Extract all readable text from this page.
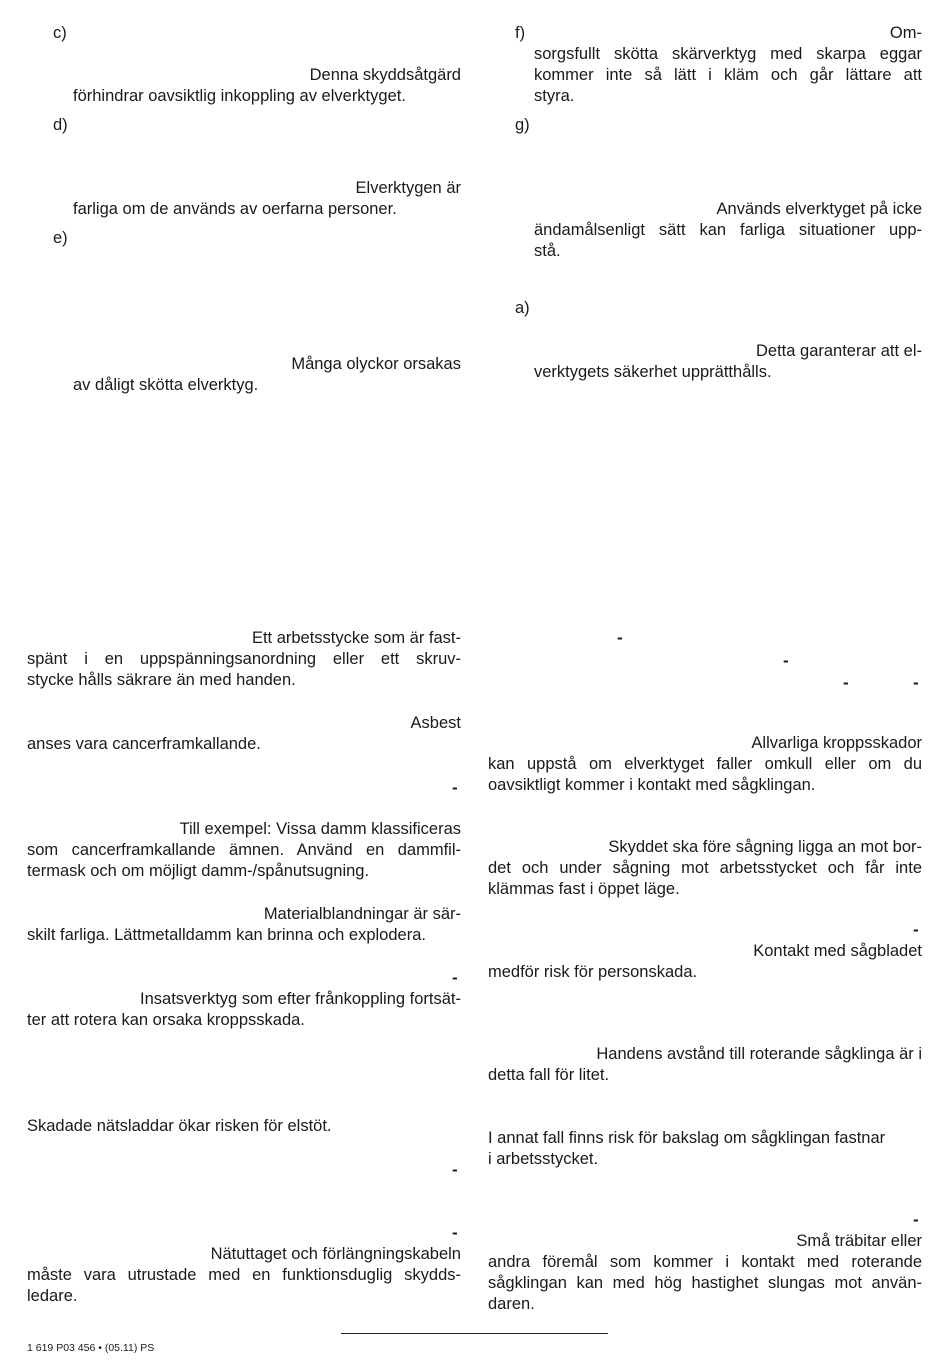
c)
Denna skyddsåtgärd
förhindrar oavsiktlig inkoppling av elverktyget.
d)
Elverktygen är
farliga om de används av oerfarna personer.
e)
Många olyckor orsakas
av dåligt skötta elverktyg.
f)	Om-
sorgsfullt skötta skärverktyg med skarpa eggar
kommer inte så lätt i kläm och går lättare att
styra.
g)
Används elverktyget på icke
ändamålsenligt sätt kan farliga situationer upp-
stå.
a)
Detta garanterar att el-
verktygets säkerhet upprätthålls.
Ett arbetsstycke som är fast-
spänt i en uppspänningsanordning eller ett skruv-
stycke hålls säkrare än med handen.
Asbest
anses vara cancerframkallande.
-
Till exempel: Vissa damm klassificeras
som cancerframkallande ämnen. Använd en dammfil-
termask och om möjligt damm-/spånutsugning.
Materialblandningar är sär-
skilt farliga. Lättmetalldamm kan brinna och explodera.
-
Insatsverktyg som efter frånkoppling fortsät-
ter att rotera kan orsaka kroppsskada.
Skadade nätsladdar ökar risken för elstöt.
-
-
Nätuttaget och förlängningskabeln
måste vara utrustade med en funktionsduglig skydds-
ledare.
-
-
-	-
Allvarliga kroppsskador
kan uppstå om elverktyget faller omkull eller om du
oavsiktligt kommer i kontakt med sågklingan.
Skyddet ska före sågning ligga an mot bor-
det och under sågning mot arbetsstycket och får inte
klämmas fast i öppet läge.
-
Kontakt med sågbladet
medför risk för personskada.
Handens avstånd till roterande sågklinga är i
detta fall för litet.
I annat fall finns risk för bakslag om sågklingan fastnar
i arbetsstycket.
-
Små träbitar eller
andra föremål som kommer i kontakt med roterande
sågklingan kan med hög hastighet slungas mot använ-
daren.
1 619 P03 456 • (05.11) PS
